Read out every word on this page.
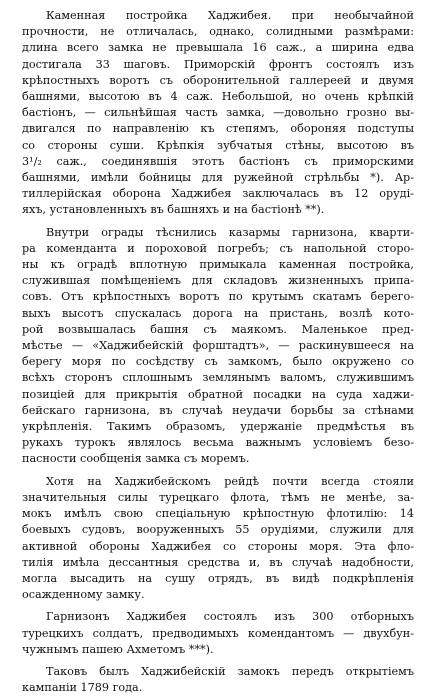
Каменная постройка Хаджибея. при необычайной
прочности, не отличалась, однако, солидными размѣрами:
длина всего замка не превышала 16 саж., а ширина едва
достигала 33 шаговъ. Приморскій фронтъ состоялъ изъ
крѣпостныхъ воротъ съ оборонительной галлереей и двумя
башнями, высотою въ 4 саж. Небольшой, но очень крѣпкій
бастіонъ, — сильнѣйшая часть замка, —довольно грозно вы-
двигался по направленію къ степямъ, обороняя подступы
со стороны суши. Крѣпкія зубчатыя стѣны, высотою въ
3¹/₂ саж., соединявшія этотъ бастіонъ съ приморскими
башнями, имѣли бойницы для ружейной стрѣльбы *). Ар-
тиллерійская оборона Хаджибея заключалась въ 12 оруді-
яхъ, установленныхъ въ башняхъ и на бастіонѣ **).
Внутри ограды тѣснились казармы гарнизона, кварти-
ра коменданта и пороховой погребъ; съ напольной сторо-
ны къ оградѣ вплотную примыкала каменная постройка,
служившая помѣщеніемъ для складовъ жизненныхъ припа-
совъ. Отъ крѣпостныхъ воротъ по крутымъ скатамъ берего-
выхъ высотъ спускалась дорога на пристань, возлѣ кото-
рой возвышалась башня съ маякомъ. Маленькое пред-
мѣстье — «Хаджибейскій форштадтъ», — раскинувшееся на
берегу моря по сосѣдству съ замкомъ, было окружено со
всѣхъ сторонъ сплошнымъ землянымъ валомъ, служившимъ
позиціей для прикрытія обратной посадки на суда хаджи-
бейскаго гарнизона, въ случаѣ неудачи борьбы за стѣнами
укрѣпленія. Такимъ образомъ, удержаніе предмѣстья въ
рукахъ турокъ являлось весьма важнымъ условіемъ безо-
пасности сообщенія замка съ моремъ.
Хотя на Хаджибейскомъ рейдѣ почти всегда стояли
значительныя силы турецкаго флота, тѣмъ не менѣе, за-
мокъ имѣлъ свою спеціальную крѣпостную флотилію: 14
боевыхъ судовъ, вооруженныхъ 55 орудіями, служили для
активной обороны Хаджибея со стороны моря. Эта фло-
тилія имѣла дессантныя средства и, въ случаѣ надобности,
могла высадить на сушу отрядъ, въ видѣ подкрѣпленія
осажденному замку.
Гарнизонъ Хаджибея состоялъ изъ 300 отборныхъ
турецкихъ солдатъ, предводимыхъ комендантомъ — двухбун-
чужнымъ пашею Ахметомъ ***).
Таковъ былъ Хаджибейскій замокъ передъ открытіемъ
кампаніи 1789 года.
